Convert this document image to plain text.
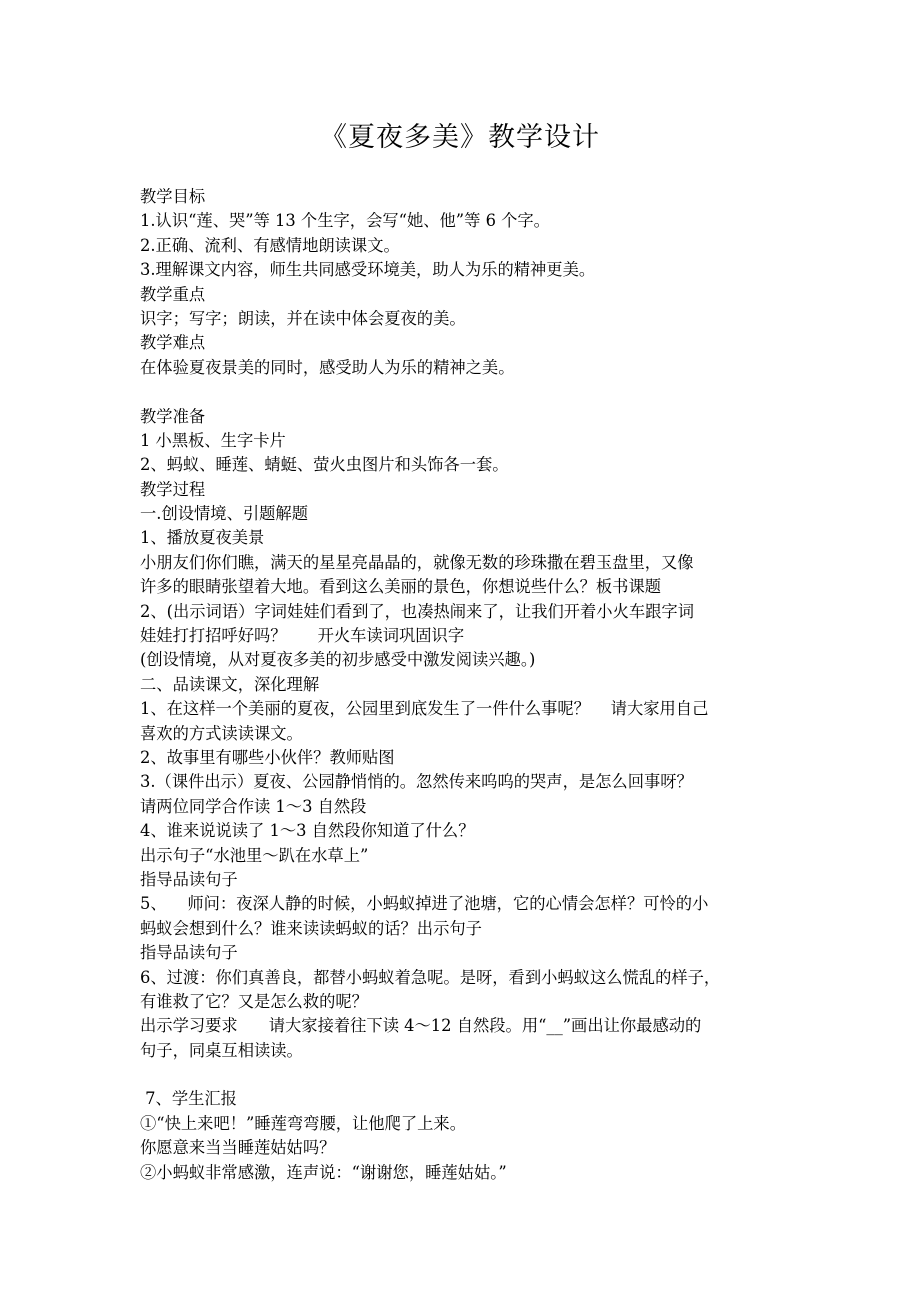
《夏夜多美》教学设计
教学目标
1.认识“莲、哭”等 13 个生字，会写“她、他”等 6 个字。
2.正确、流利、有感情地朗读课文。
3.理解课文内容，师生共同感受环境美，助人为乐的精神更美。
教学重点
识字；写字；朗读，并在读中体会夏夜的美。
教学难点
在体验夏夜景美的同时，感受助人为乐的精神之美。
教学准备
1 小黑板、生字卡片
2、蚂蚁、睡莲、蜻蜓、萤火虫图片和头饰各一套。
教学过程
一.创设情境、引题解题
1、播放夏夜美景
小朋友们你们瞧，满天的星星亮晶晶的，就像无数的珍珠撒在碧玉盘里，又像
许多的眼睛张望着大地。看到这么美丽的景色，你想说些什么？板书课题
2、(出示词语）字词娃娃们看到了，也凑热闹来了，让我们开着小火车跟字词
娃娃打打招呼好吗？      开火车读词巩固识字
(创设情境，从对夏夜多美的初步感受中激发阅读兴趣。)
二、品读课文，深化理解
1、在这样一个美丽的夏夜，公园里到底发生了一件什么事呢？    请大家用自己
喜欢的方式读读课文。
2、故事里有哪些小伙伴？教师贴图
3.（课件出示）夏夜、公园静悄悄的。忽然传来呜呜的哭声，是怎么回事呀？
请两位同学合作读 1～3 自然段
4、谁来说说读了 1～3 自然段你知道了什么？
出示句子“水池里～趴在水草上”
指导品读句子
5、    师问：夜深人静的时候，小蚂蚁掉进了池塘，它的心情会怎样？可怜的小
蚂蚁会想到什么？谁来读读蚂蚁的话？出示句子
指导品读句子
6、过渡：你们真善良，都替小蚂蚁着急呢。是呀，看到小蚂蚁这么慌乱的样子，
有谁救了它？又是怎么救的呢？
出示学习要求      请大家接着往下读 4～12 自然段。用“__”画出让你最感动的
句子，同桌互相读读。
7、学生汇报
①“快上来吧！”睡莲弯弯腰，让他爬了上来。
你愿意来当当睡莲姑姑吗？
②小蚂蚁非常感激，连声说：“谢谢您，睡莲姑姑。”
